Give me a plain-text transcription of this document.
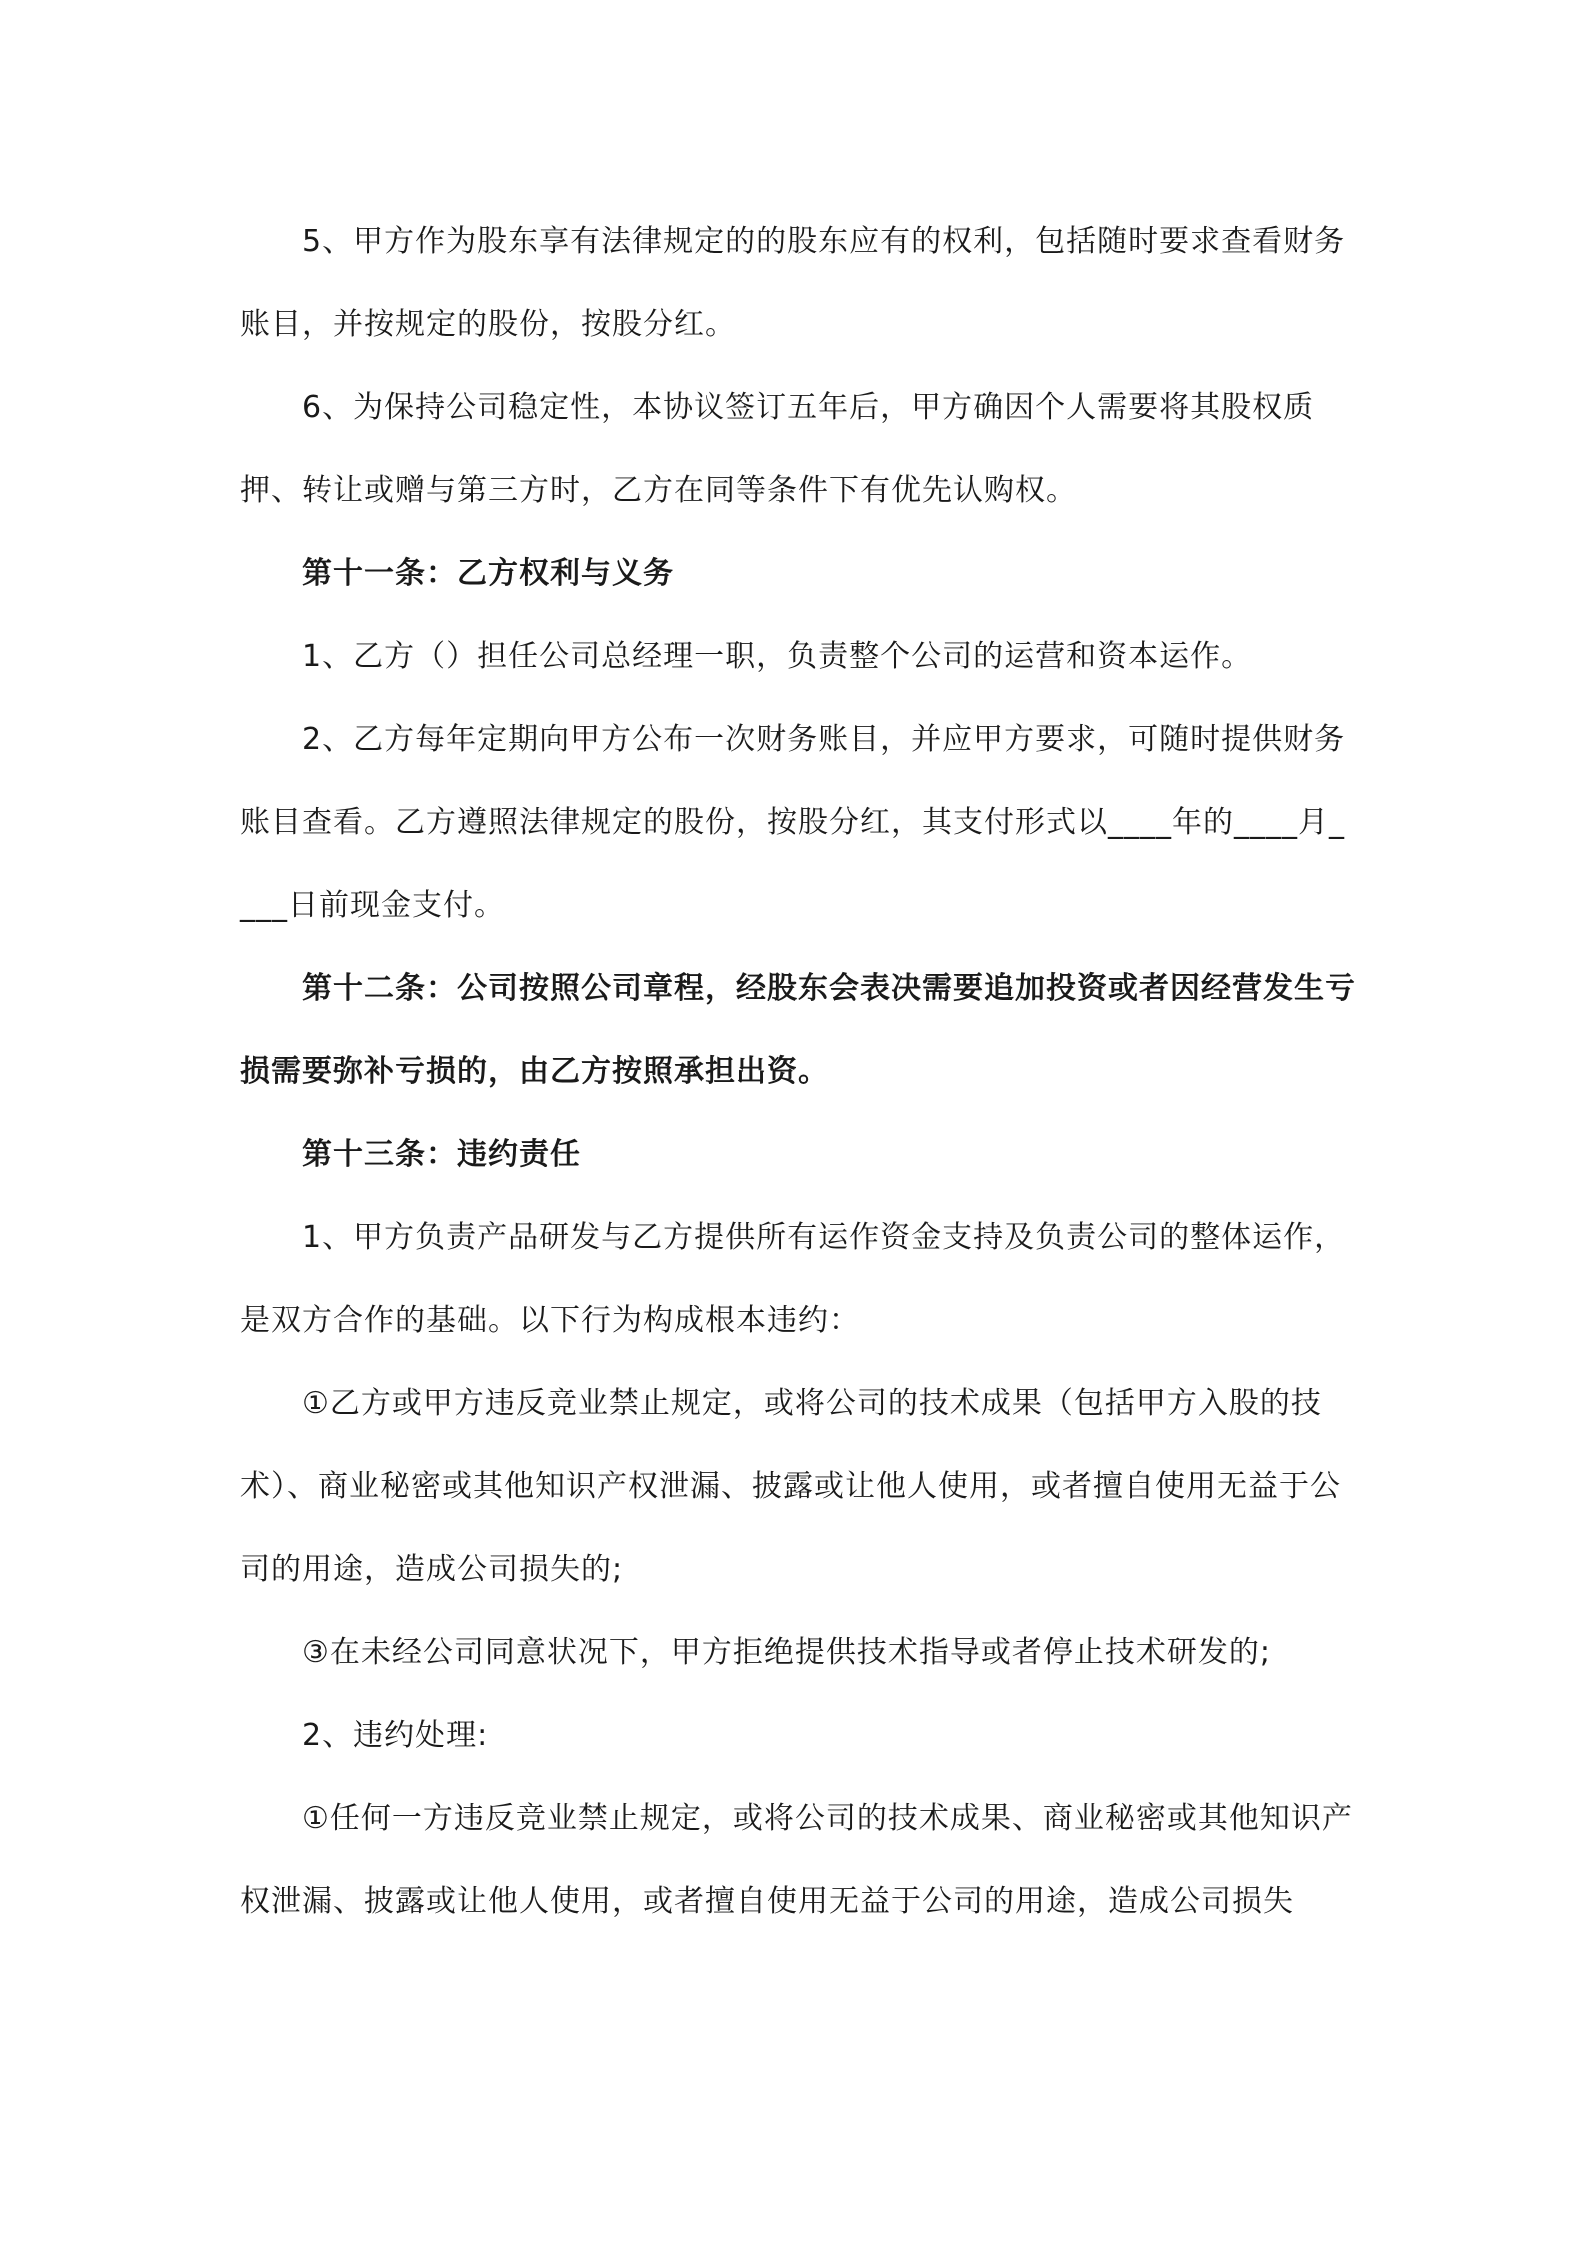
5、甲方作为股东享有法律规定的的股东应有的权利，包括随时要求查看财务账目，并按规定的股份，按股分红。

6、为保持公司稳定性，本协议签订五年后，甲方确因个人需要将其股权质押、转让或赠与第三方时，乙方在同等条件下有优先认购权。

第十一条：乙方权利与义务

1、乙方（）担任公司总经理一职，负责整个公司的运营和资本运作。

2、乙方每年定期向甲方公布一次财务账目，并应甲方要求，可随时提供财务账目查看。乙方遵照法律规定的股份，按股分红，其支付形式以____年的____月____日前现金支付。

第十二条：公司按照公司章程，经股东会表决需要追加投资或者因经营发生亏损需要弥补亏损的，由乙方按照承担出资。

第十三条：违约责任

1、甲方负责产品研发与乙方提供所有运作资金支持及负责公司的整体运作，是双方合作的基础。以下行为构成根本违约：

①乙方或甲方违反竞业禁止规定，或将公司的技术成果（包括甲方入股的技术）、商业秘密或其他知识产权泄漏、披露或让他人使用，或者擅自使用无益于公司的用途，造成公司损失的;

③在未经公司同意状况下，甲方拒绝提供技术指导或者停止技术研发的;

2、违约处理:

①任何一方违反竞业禁止规定，或将公司的技术成果、商业秘密或其他知识产权泄漏、披露或让他人使用，或者擅自使用无益于公司的用途，造成公司损失
